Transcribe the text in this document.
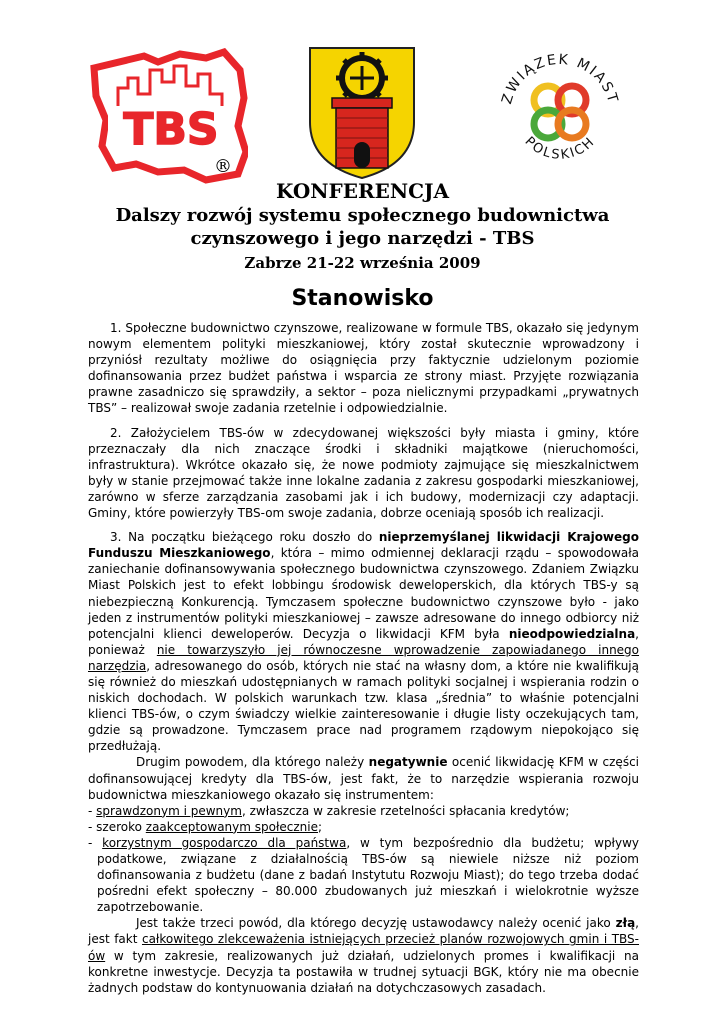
TBS
®
ZWIĄZEK MIAST
POLSKICH
KONFERENCJA
Dalszy rozwój systemu społecznego budownictwa
czynszowego i jego narzędzi - TBS
Zabrze 21-22 września 2009
Stanowisko

1. Społeczne budownictwo czynszowe, realizowane w formule TBS, okazało się jedynym nowym elementem polityki mieszkaniowej, który został skutecznie wprowadzony i przyniósł rezultaty możliwe do osiągnięcia przy faktycznie udzielonym poziomie dofinansowania przez budżet państwa i wsparcia ze strony miast. Przyjęte rozwiązania prawne zasadniczo się sprawdziły, a sektor – poza nielicznymi przypadkami „prywatnych TBS” – realizował swoje zadania rzetelnie i odpowiedzialnie.

2. Założycielem TBS-ów w zdecydowanej większości były miasta i gminy, które przeznaczały dla nich znaczące środki i składniki majątkowe (nieruchomości, infrastruktura). Wkrótce okazało się, że nowe podmioty zajmujące się mieszkalnictwem były w stanie przejmować także inne lokalne zadania z zakresu gospodarki mieszkaniowej, zarówno w sferze zarządzania zasobami jak i ich budowy, modernizacji czy adaptacji. Gminy, które powierzyły TBS-om swoje zadania, dobrze oceniają sposób ich realizacji.

3. Na początku bieżącego roku doszło do nieprzemyślanej likwidacji Krajowego Funduszu Mieszkaniowego, która – mimo odmiennej deklaracji rządu – spowodowała zaniechanie dofinansowywania społecznego budownictwa czynszowego. Zdaniem Związku Miast Polskich jest to efekt lobbingu środowisk deweloperskich, dla których TBS-y są niebezpieczną Konkurencją. Tymczasem społeczne budownictwo czynszowe było - jako jeden z instrumentów polityki mieszkaniowej – zawsze adresowane do innego odbiorcy niż potencjalni klienci deweloperów. Decyzja o likwidacji KFM była nieodpowiedzialna, ponieważ nie towarzyszyło jej równoczesne wprowadzenie zapowiadanego innego narzędzia, adresowanego do osób, których nie stać na własny dom, a które nie kwalifikują się również do mieszkań udostępnianych w ramach polityki socjalnej i wspierania rodzin o niskich dochodach. W polskich warunkach tzw. klasa „średnia” to właśnie potencjalni klienci TBS-ów, o czym świadczy wielkie zainteresowanie i długie listy oczekujących tam, gdzie są prowadzone. Tymczasem prace nad programem rządowym niepokojąco się przedłużają.

Drugim powodem, dla którego należy negatywnie ocenić likwidację KFM w części dofinansowującej kredyty dla TBS-ów, jest fakt, że to narzędzie wspierania rozwoju budownictwa mieszkaniowego okazało się instrumentem:

- sprawdzonym i pewnym, zwłaszcza w zakresie rzetelności spłacania kredytów;
- szeroko zaakceptowanym społecznie;
- korzystnym gospodarczo dla państwa, w tym bezpośrednio dla budżetu; wpływy podatkowe, związane z działalnością TBS-ów są niewiele niższe niż poziom dofinansowania z budżetu (dane z badań Instytutu Rozwoju Miast); do tego trzeba dodać pośredni efekt społeczny – 80.000 zbudowanych już mieszkań i wielokrotnie wyższe zapotrzebowanie.

Jest także trzeci powód, dla którego decyzję ustawodawcy należy ocenić jako złą, jest fakt całkowitego zlekceważenia istniejących przecież planów rozwojowych gmin i TBS-ów w tym zakresie, realizowanych już działań, udzielonych promes i kwalifikacji na konkretne inwestycje. Decyzja ta postawiła w trudnej sytuacji BGK, który nie ma obecnie żadnych podstaw do kontynuowania działań na dotychczasowych zasadach.
